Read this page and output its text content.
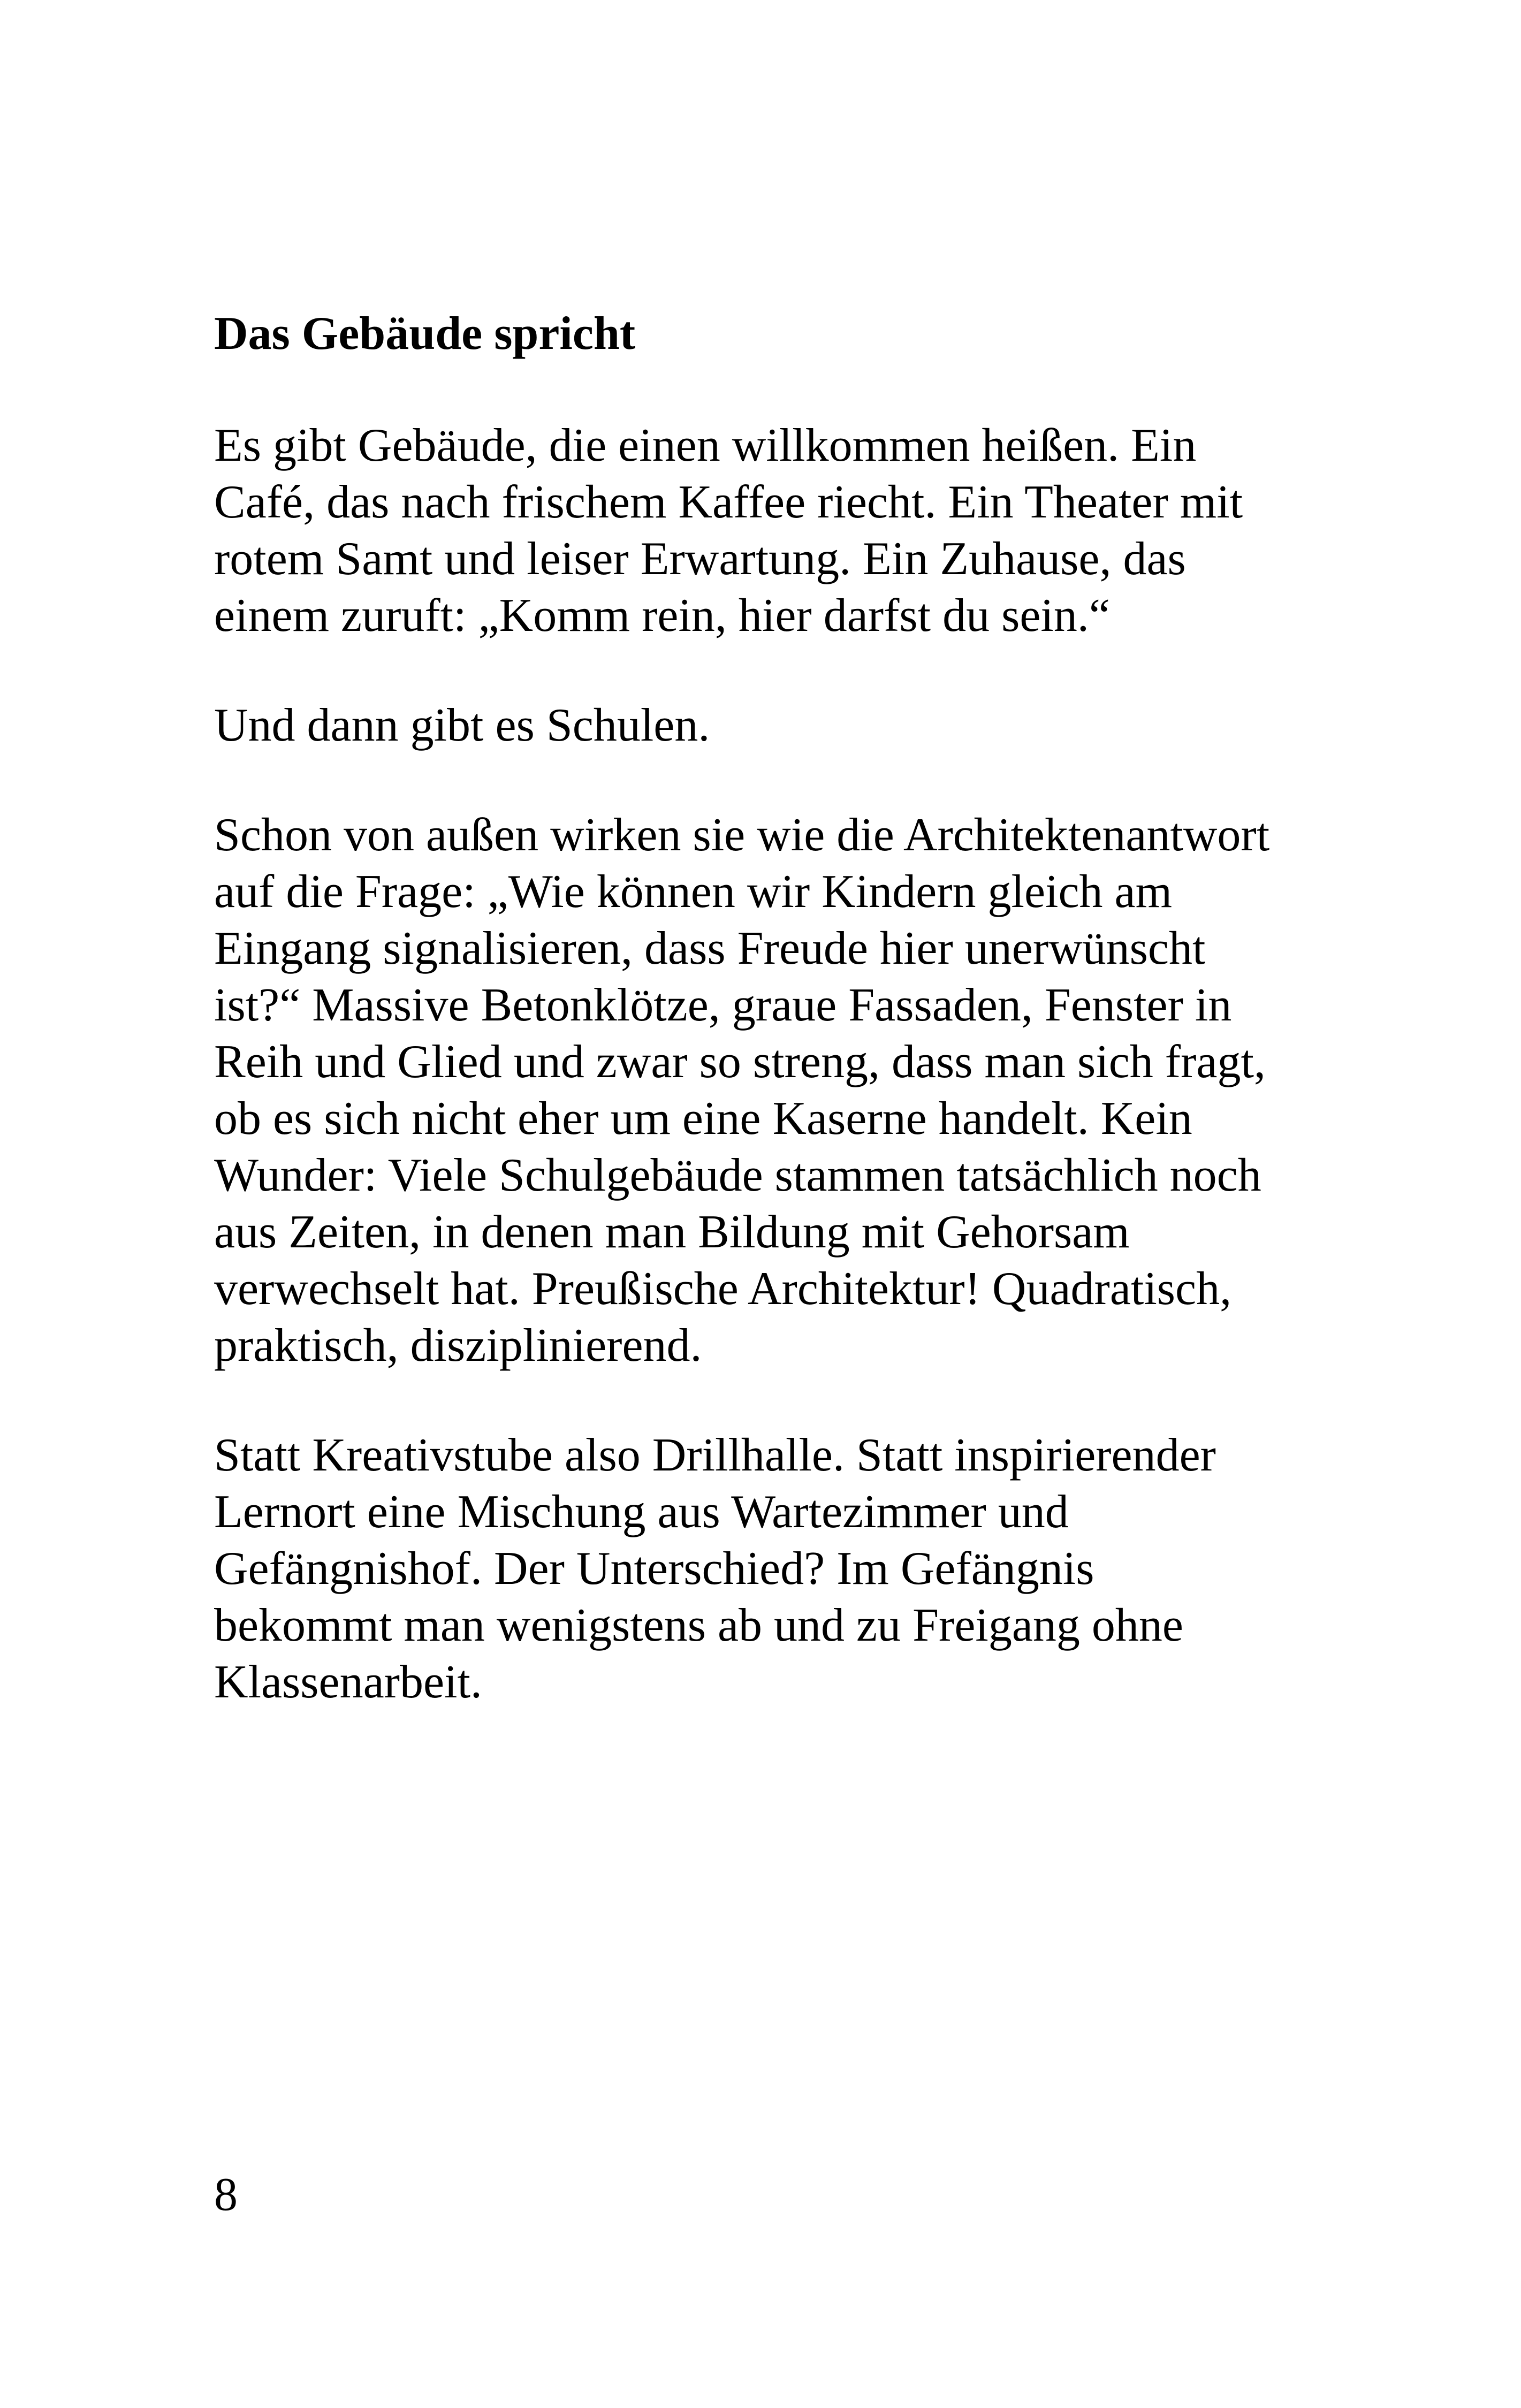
Das Gebäude spricht
Es gibt Gebäude, die einen willkommen heißen. Ein
Café, das nach frischem Kaffee riecht. Ein Theater mit
rotem Samt und leiser Erwartung. Ein Zuhause, das
einem zuruft: „Komm rein, hier darfst du sein.“
Und dann gibt es Schulen.
Schon von außen wirken sie wie die Architektenantwort
auf die Frage: „Wie können wir Kindern gleich am
Eingang signalisieren, dass Freude hier unerwünscht
ist?“ Massive Betonklötze, graue Fassaden, Fenster in
Reih und Glied und zwar so streng, dass man sich fragt,
ob es sich nicht eher um eine Kaserne handelt. Kein
Wunder: Viele Schulgebäude stammen tatsächlich noch
aus Zeiten, in denen man Bildung mit Gehorsam
verwechselt hat. Preußische Architektur! Quadratisch,
praktisch, disziplinierend.
Statt Kreativstube also Drillhalle. Statt inspirierender
Lernort eine Mischung aus Wartezimmer und
Gefängnishof. Der Unterschied? Im Gefängnis
bekommt man wenigstens ab und zu Freigang ohne
Klassenarbeit.
8
